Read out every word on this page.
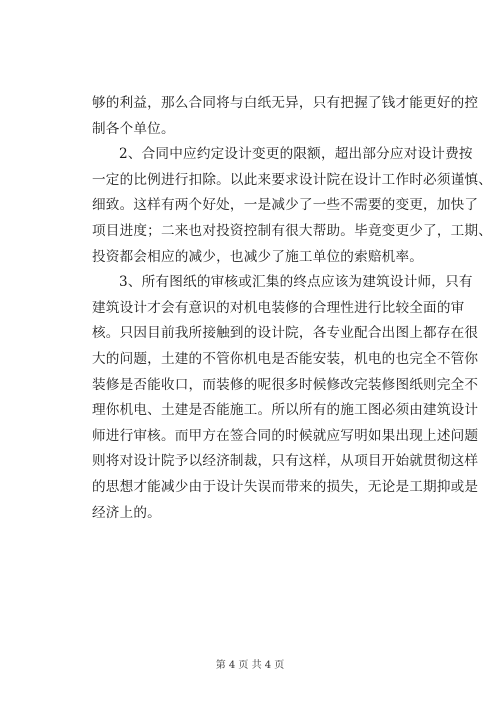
够的利益，那么合同将与白纸无异，只有把握了钱才能更好的控
制各个单位。
2、合同中应约定设计变更的限额，超出部分应对设计费按
一定的比例进行扣除。以此来要求设计院在设计工作时必须谨慎、
细致。这样有两个好处，一是减少了一些不需要的变更，加快了
项目进度；二来也对投资控制有很大帮助。毕竟变更少了，工期、
投资都会相应的减少，也减少了施工单位的索赔机率。
3、所有图纸的审核或汇集的终点应该为建筑设计师，只有
建筑设计才会有意识的对机电装修的合理性进行比较全面的审
核。只因目前我所接触到的设计院，各专业配合出图上都存在很
大的问题，土建的不管你机电是否能安装，机电的也完全不管你
装修是否能收口，而装修的呢很多时候修改完装修图纸则完全不
理你机电、土建是否能施工。所以所有的施工图必须由建筑设计
师进行审核。而甲方在签合同的时候就应写明如果出现上述问题
则将对设计院予以经济制裁，只有这样，从项目开始就贯彻这样
的思想才能减少由于设计失误而带来的损失，无论是工期抑或是
经济上的。
第 4 页 共 4 页
